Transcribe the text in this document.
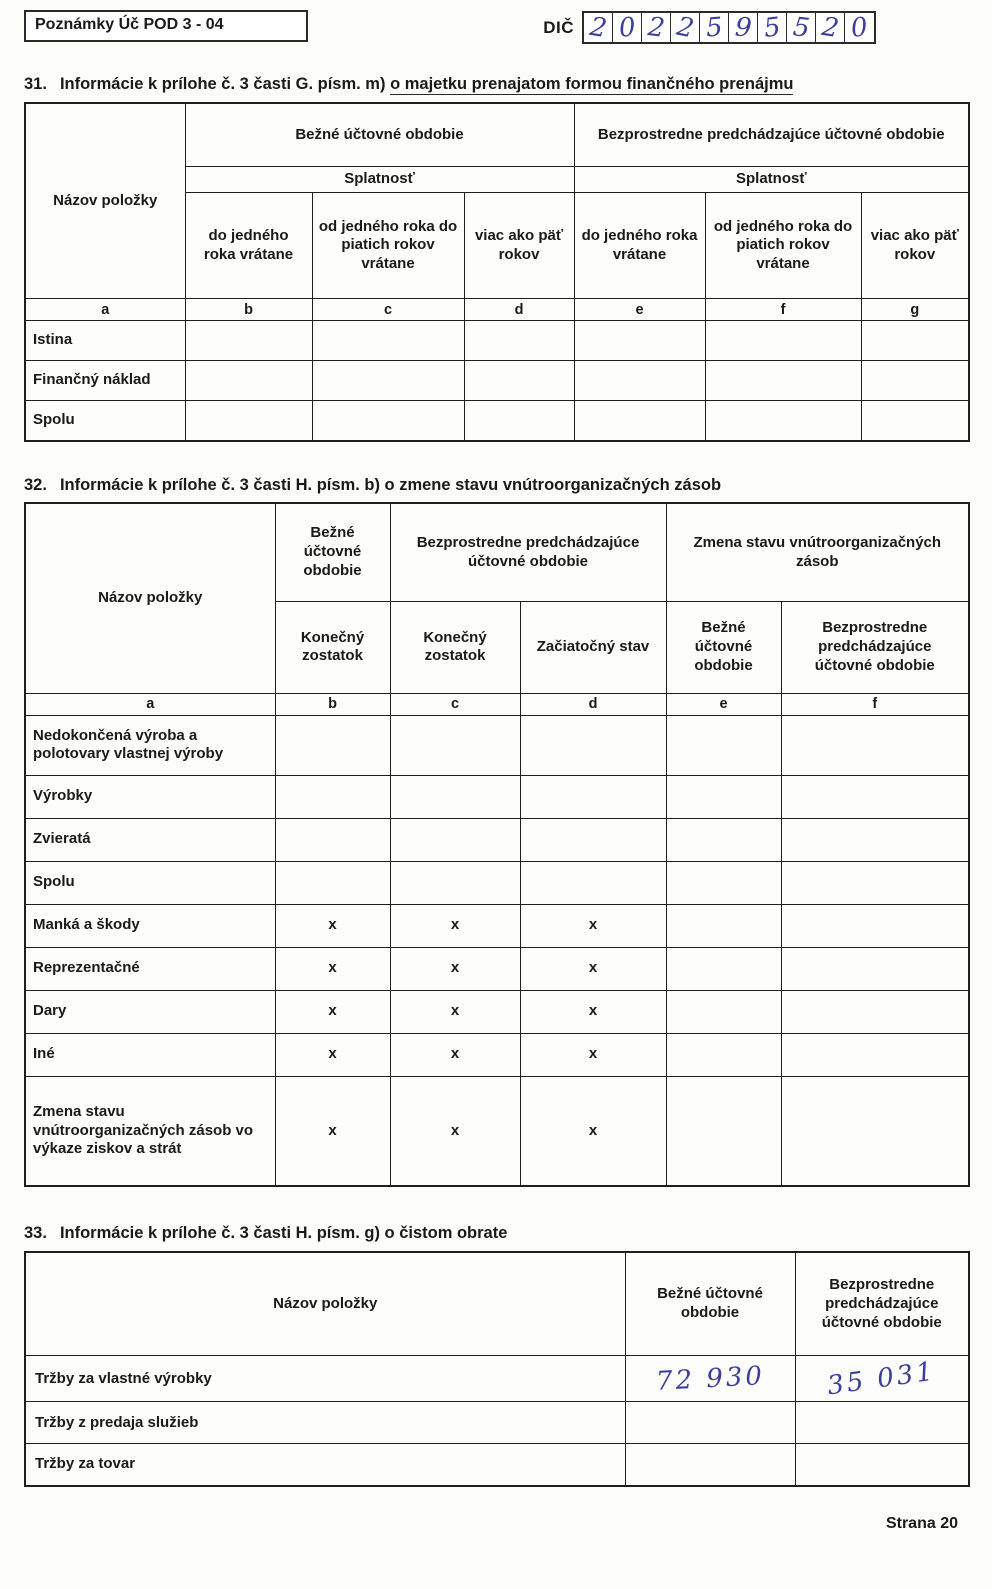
Poznámky Úč POD 3 - 04	DIČ 2 0 2 2 5 9 5 5 2 0
31. Informácie k prílohe č. 3 časti G. písm. m) o majetku prenajatom formou finančného prenájmu
Názov položky	Bežné účtovné obdobie			Bezprostredne predchádzajúce účtovné obdobie		
	Splatnosť			Splatnosť		
	do jedného roka vrátane	od jedného roka do piatich rokov vrátane	viac ako päť rokov	do jedného roka vrátane	od jedného roka do piatich rokov vrátane	viac ako päť rokov
a	b	c	d	e	f	g
Istina						
Finančný náklad						
Spolu						
32. Informácie k prílohe č. 3 časti H. písm. b) o zmene stavu vnútroorganizačných zásob
Názov položky	Bežné účtovné obdobie	Bezprostredne predchádzajúce účtovné obdobie		Zmena stavu vnútroorganizačných zásob	
	Konečný zostatok	Konečný zostatok	Začiatočný stav	Bežné účtovné obdobie	Bezprostredne predchádzajúce účtovné obdobie
a	b	c	d	e	f
Nedokončená výroba a polotovary vlastnej výroby					
Výrobky					
Zvieratá					
Spolu					
Manká a škody	x	x	x		
Reprezentačné	x	x	x		
Dary	x	x	x		
Iné	x	x	x		
Zmena stavu vnútroorganizačných zásob vo výkaze ziskov a strát	x	x	x		
33. Informácie k prílohe č. 3 časti H. písm. g) o čistom obrate
Názov položky	Bežné účtovné obdobie	Bezprostredne predchádzajúce účtovné obdobie
Tržby za vlastné výrobky	72 930	35 031
Tržby z predaja služieb		
Tržby za tovar		
Strana 20
